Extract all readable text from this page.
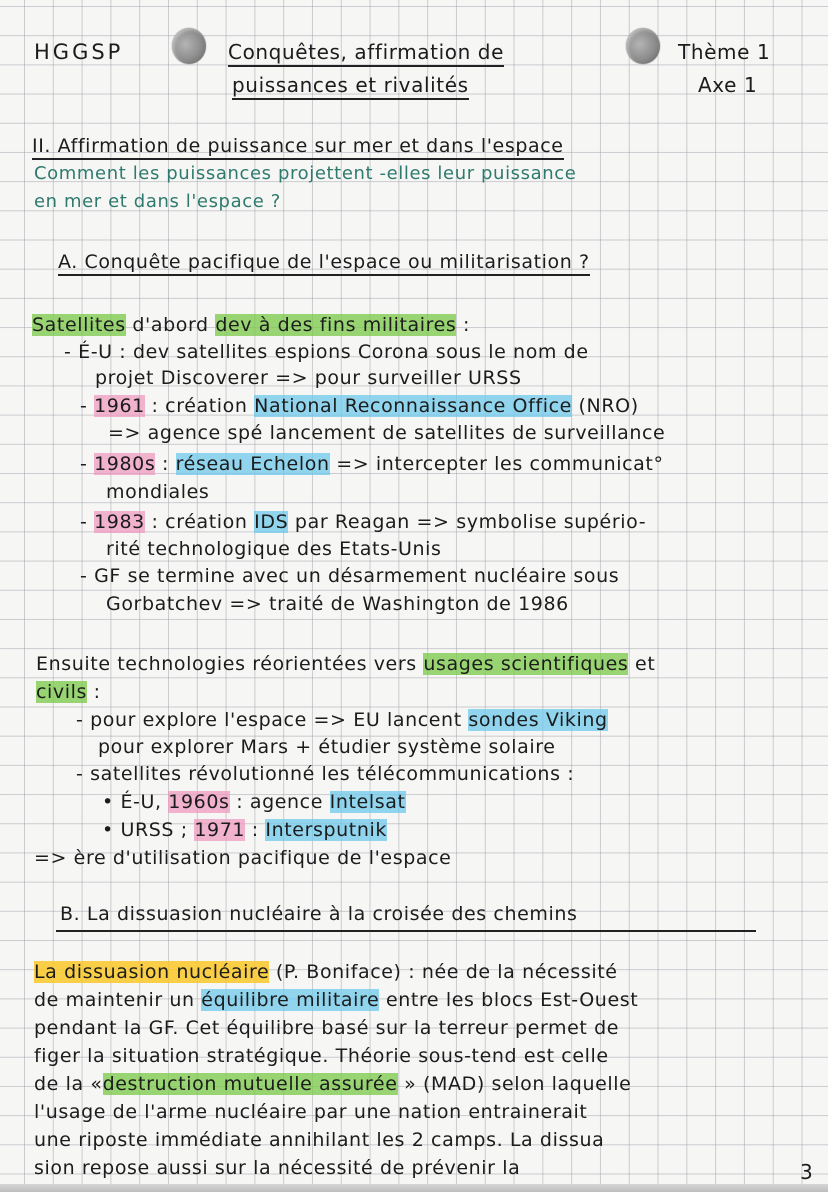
HGGSP	Conquêtes, affirmation de
puissances et rivalités
Thème 1
Axe 1
II. Affirmation de puissance sur mer et dans l'espace
Comment les puissances projettent -elles leur puissance
en mer et dans l'espace ?
A. Conquête pacifique de l'espace ou militarisation ?
Satellites d'abord dev à des fins militaires :
- É-U : dev satellites espions Corona sous le nom de
projet Discoverer => pour surveiller URSS
- 1961 : création National Reconnaissance Office (NRO)
=> agence spé lancement de satellites de surveillance
- 1980s : réseau Echelon => intercepter les communicat°
mondiales
- 1983 : création IDS par Reagan => symbolise supério-
rité technologique des Etats-Unis
- GF se termine avec un désarmement nucléaire sous
Gorbatchev => traité de Washington de 1986
Ensuite technologies réorientées vers usages scientifiques et
civils :
- pour explore l'espace => EU lancent sondes Viking
pour explorer Mars + étudier système solaire
- satellites révolutionné les télécommunications :
• É-U, 1960s : agence Intelsat
• URSS ; 1971 : Intersputnik
=> ère d'utilisation pacifique de l'espace
B. La dissuasion nucléaire à la croisée des chemins
La dissuasion nucléaire (P. Boniface) : née de la nécessité
de maintenir un équilibre militaire entre les blocs Est-Ouest
pendant la GF. Cet équilibre basé sur la terreur permet de
figer la situation stratégique. Théorie sous-tend est celle
de la «destruction mutuelle assurée » (MAD) selon laquelle
l'usage de l'arme nucléaire par une nation entrainerait
une riposte immédiate annihilant les 2 camps. La dissua
sion repose aussi sur la nécessité de prévenir la	3
